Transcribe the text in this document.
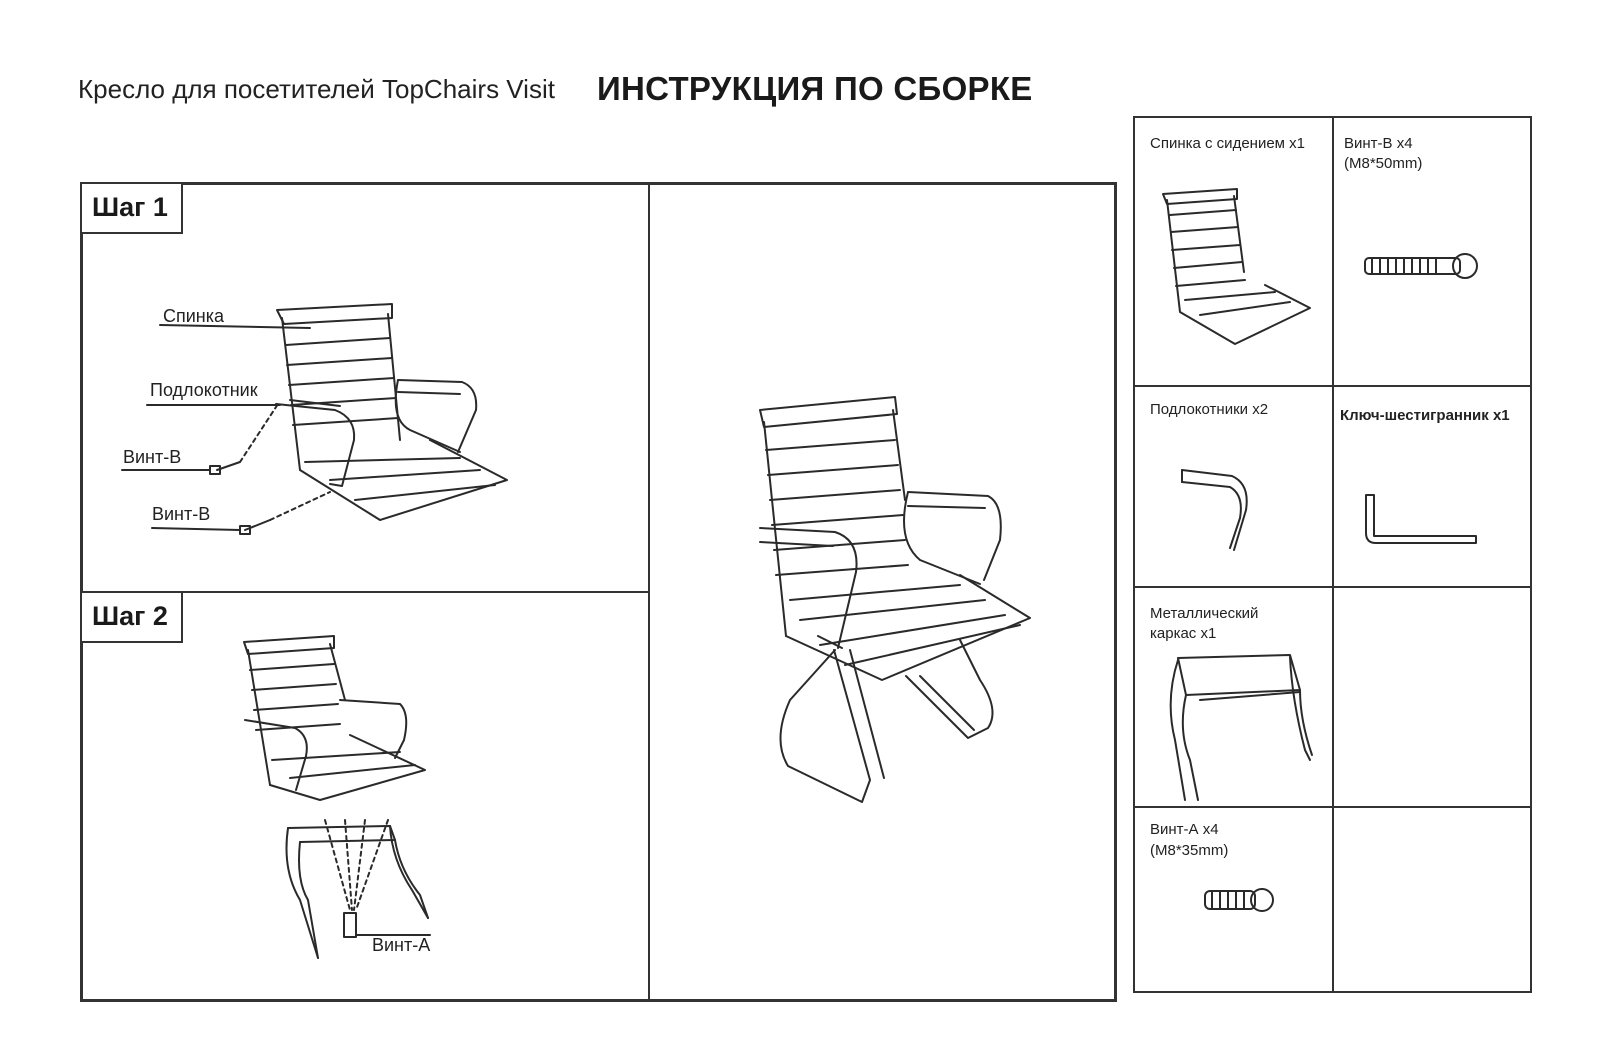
Кресло для посетителей TopChairs Visit ИНСТРУКЦИЯ ПО СБОРКЕ
Шаг 1
Шаг 2
Спинка
Подлокотник
Винт-В
Винт-В
Винт-А
Спинка с сидением х1	Винт-В х4
(M8*50mm)
Подлокотники х2	Ключ-шестигранник х1
Металлический
каркас х1
Винт-А х4
(M8*35mm)
